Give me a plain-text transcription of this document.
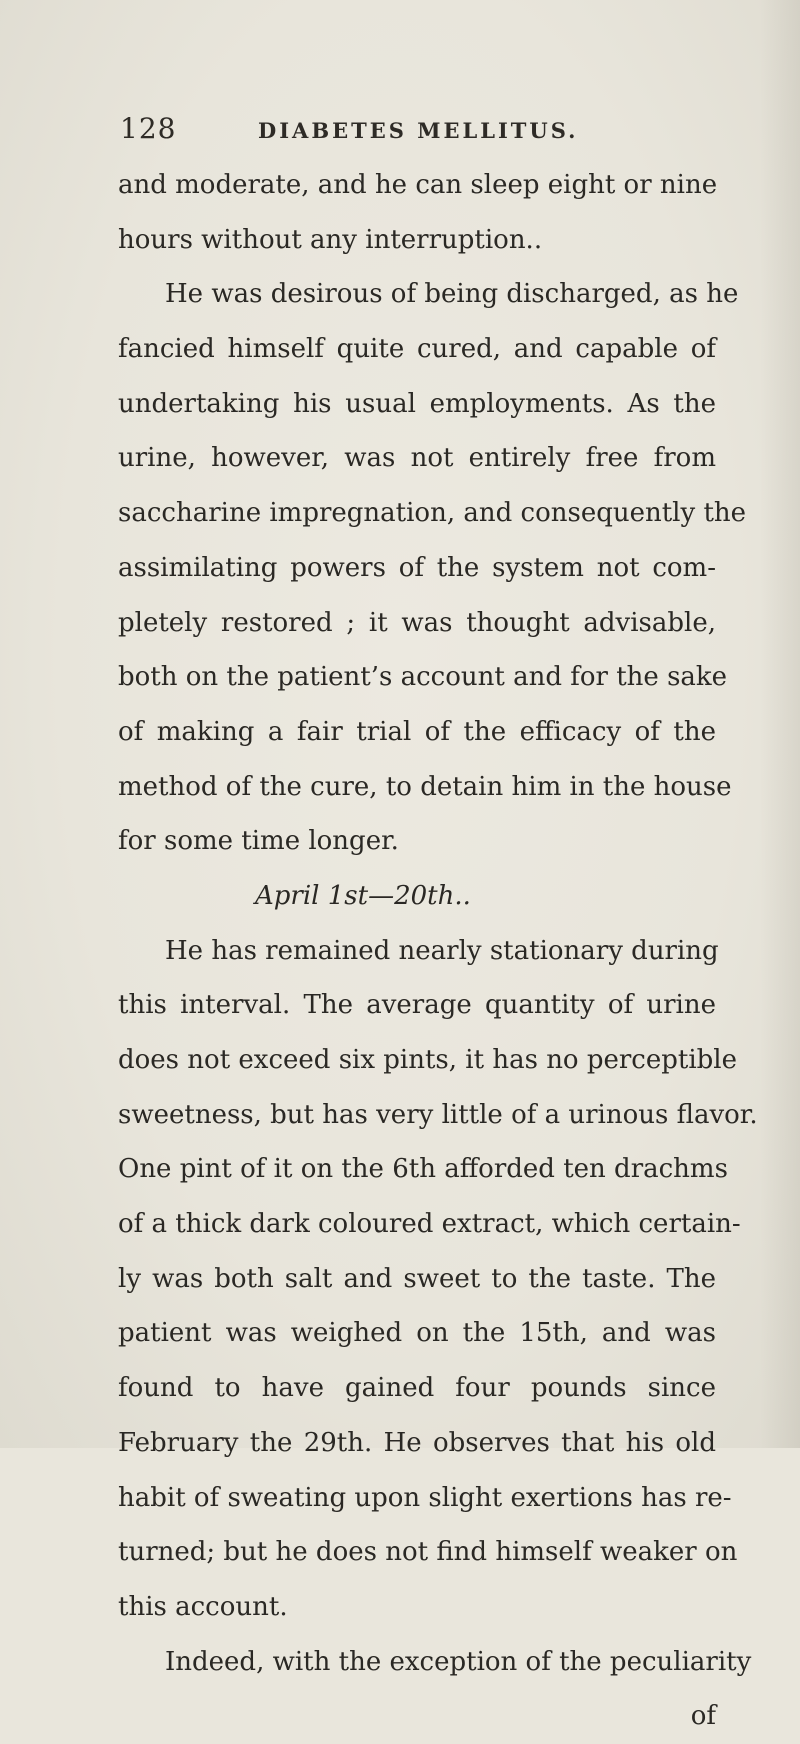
128	DIABETES MELLITUS.
and moderate, and he can sleep eight or nine
hours without any interruption..
He was desirous of being discharged, as he
fancied himself quite cured, and capable of
undertaking his usual employments. As the
urine, however, was not entirely free from
saccharine impregnation, and consequently the
assimilating powers of the system not com-
pletely restored ; it was thought advisable,
both on the patient’s account and for the sake
of making a fair trial of the efficacy of the
method of the cure, to detain him in the house
for some time longer.
April 1st—20th..
He has remained nearly stationary during
this interval. The average quantity of urine
does not exceed six pints, it has no perceptible
sweetness, but has very little of a urinous flavor.
One pint of it on the 6th afforded ten drachms
of a thick dark coloured extract, which certain-
ly was both salt and sweet to the taste. The
patient was weighed on the 15th, and was
found to have gained four pounds since
February the 29th. He observes that his old
habit of sweating upon slight exertions has re-
turned; but he does not find himself weaker on
this account.
Indeed, with the exception of the peculiarity
of
